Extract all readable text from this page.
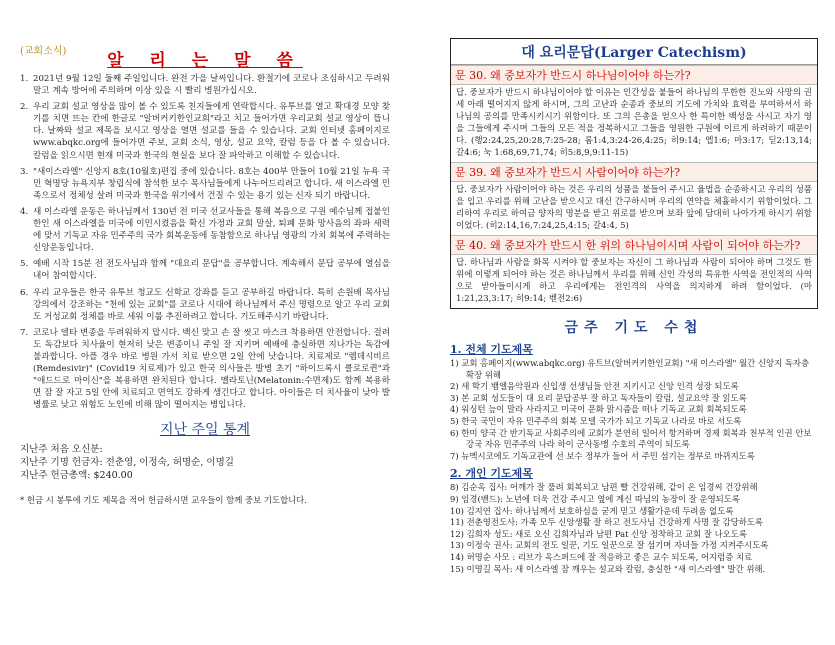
(교회소식)	알 리 는 말 씀
1. 2021년 9월 12일 둘째 주일입니다. 완전 가을 날씨입니다. 환절기에 코로나 조심하시고 두려워 말고 계속 방어에 주의하며 이상 있을 시 빨리 병원가십시오.
2. 우리 교회 설교 영상을 많이 볼 수 있도록 친지들에게 연락합시다. 유투브를 열고 확대경 모양 찾기를 치면 뜨는 칸에 한글로 "알버커키한인교회"라고 치고 들어가면 우리교회 설교 영상이 뜹니다. 날짜와 설교 제목을 보시고 영상을 열면 설교를 들을 수 있습니다. 교회 인터넷 홈페이지로 www.abqkc.org에 들어가면 주보, 교회 소식, 영상, 설교 요약, 칼럼 등을 다 볼 수 있습니다. 칼럼을 읽으시면 현재 미국과 한국의 현실을 보다 잘 파악하고 이해할 수 있습니다.
3. "새이스라엘" 신앙지 8호(10월호)편집 중에 있습니다. 8호는 400부 만들어 10월 21일 뉴욕 국민 혁명당 뉴욕지부 창립식에 참석한 보수 목사님들에게 나누어드리려고 합니다. 새 이스라엘 민족으로서 정체성 살려 미국과 한국을 위기에서 건질 수 있는 용기 있는 신자 되기 바랍니다.
4. 새 이스라엘 운동은 하나님께서 130년 전 미국 선교사들을 통해 복음으로 구원 예수님께 접붙인 한인 새 이스라엘을 미국에 이민시켰음을 확신 가정과 교회 말살, 퇴폐 문화 망사음의 좌파 세력에 맞서 기독교 자유 민주주의 국가 회복운동에 동참함으로 하나님 영광의 가치 회복에 주력하는 신앙운동입니다.
5. 예배 시작 15분 전 전도사님과 함께 "대요리 문답"을 공부합니다. 계속해서 문답 공부에 열심을 내어 참여합시다.
6. 우리 교우들은 한국 유투브 청교도 신학교 강좌를 듣고 공부하길 바랍니다. 특히 손원배 목사님 강의에서 강조하는 "천에 있는 교회"를 코로나 시대에 하나님께서 주신 명령으로 알고 우리 교회도 거성교회 정체를 바로 세워 이룹 추진하려고 합니다. 기도해주시기 바랍니다.
7. 코로나 델타 변종을 두려워하지 맙시다. 백신 맞고 손 잘 씻고 마스크 착용하면 안전합니다. 걸려도 독감보다 치사율이 현저히 낮은 변종이니 주일 잘 지키며 예배에 충실하면 지나가는 독감에 불과합니다. 아플 경우 바로 병원 가서 치료 받으면 2일 안에 낫습니다. 치료제로 "렘데시비르 (Remdesivir)" (Covid19 치료제)가 있고 한국 의사들은 발병 초기 "하이드록시 클로로퀸"과 "애드드로 마이신"을 복용하면 완치된다 합니다. 멜라토닌(Melatonin:수면제)도 함께 복용하면 잠 잘 자고 5일 안에 치료되고 면역도 강하게 생긴다고 합니다. 아이들은 더 치사율이 낮아 발병률로 낮고 위험도 노인에 비해 많이 떨어지는 병입니다.
지난 주일 통계
지난주 처음 오신분:
지난주 기명 헌금자: 전춘영, 이정숙, 허명순, 이명길
지난주 헌금총액: $240.00
* 헌금 시 봉투에 기도 제목을 적어 헌금하시면 교우들이 함께 중보 기도합니다.
대 요리문답(Larger Catechism)
문 30. 왜 중보자가 반드시 하나님이어야 하는가?
답. 중보자가 반드시 하나님이어야 할 이유는 인간성을 붙들어 하나님의 무한한 진노와 사망의 권세 아래 떨어지지 않게 하시며, 그의 고난과 순종과 중보의 기도에 가치와 효력을 부여하셔서 하나님의 공의를 만족시키시기 위함이다. 또 그의 은총을 얻으사 한 특이한 백성을 사시고 자기 영을 그들에게 주시며 그들의 모든 적을 정복하시고 그들을 영원한 구원에 이르게 하려하기 때문이다. (행2:24,25,20:28,7:25-28; 롬1:4,3:24-26,4:25; 히9:14; 엡1:6; 마3:17; 딛2:13,14; 갈4:6; 눅 1:68,69,71,74; 히5:8,9,9:11-15)
문 39. 왜 중보자가 반드시 사람이어야 하는가?
답. 중보자가 사람이어야 하는 것은 우리의 성품을 붙들어 주시고 율법을 순종하시고 우리의 성품을 입고 우리를 위해 고난을 받으시고 대신 간구하시며 우리의 연약을 체휼하시기 위함이었다. 그리하여 우리로 하여금 양자의 명분을 받고 위로를 받으며 보좌 앞에 담대히 나아가게 하시기 위함이었다. (히2:14,16,7:24,25,4:15; 갈4:4, 5)
문 40. 왜 중보자가 반드시 한 위의 하나님이시며 사람이 되어야 하는가?
답. 하나님과 사람을 화목 시켜야 할 중보자는 자신이 그 하나님과 사람이 되어야 하며 그것도 한 위에 이렇게 되어야 하는 것은 하나님께서 우리를 위해 신인 각성의 특유한 사역을 전인적의 사역으로 받아들이시게 하고 우리에게는 전인격의 사역을 의지하게 하려 함이었다. (마1:21,23,3:17; 히9:14; 벧전2:6)
금주 기도 수첩
1. 전체 기도제목
1) 교회 홈페이지(www.abqkc.org) 유트브(알버커키한인교회) "새 이스라엘" 월간 신앙지 독자층 확장 위해
2) 새 학기 뱀엘음악원과 신입생 선생님들 안전 지키시고 신앙 인격 성장 되도록
3) 본 교회 성도들이 대 요리 문답공부 잘 하고 독자들이 칼럼, 설교요약 잘 읽도록
4) 워싱턴 늪이 말라 사라지고 미국이 문화 맑시즘을 떠나 기독교 교회 회복되도록
5) 한국 국민이 자유 민주주의 회복 모델 국가가 되고 기독교 나라로 바로 서도록
6) 한미 양국 간 반기독교 사회주의에 교회가 분연히 일어서 항거하며 경제 회복과 천부적 인권 안보강국 자유 민주주의 나라 하이 군사동맹 수호의 주역이 되도록
7) 뉴멕시코에도 기독교관에 선 보수 정부가 들어 서 주민 섬기는 정부로 바뀌지도록
2. 개인 기도제목
8) 김순옥 집사: 어깨가 잘 풀려 회복되고 남편 빨 건강위해, 같이 온 임경씨 건강위해
9) 임경(밴드): 노년에 더욱 건강 주시고 옆에 계신 따님의 농장이 잘 운영되도록
10) 김지연 집사: 하나님께서 보호하심을 굳게 믿고 생활가운데 두려움 없도록
11) 전춘영전도사: 가족 모두 신앙생활 잘 하고 전도사님 건강하게 사명 잘 감당하도록
12) 김희자 성도: 새로 오신 김희자님과 남편 Pat 신앙 정착하고 교회 잘 나오도록
13) 이정숙 권사: 교회의 전도 일꾼, 기도 일꾼으로 잘 섬기며 자녀들 가정 지켜주시도록
14) 허명순 사모 : 리브가 옥스퍼드에 잘 적응하고 좋은 교수 되도록, 어지럼증 치료
15) 이명길 목사: 새 이스라엘 잠 깨우는 설교와 칼럼, 충실한 "새 이스라엘" 발간 위해.
